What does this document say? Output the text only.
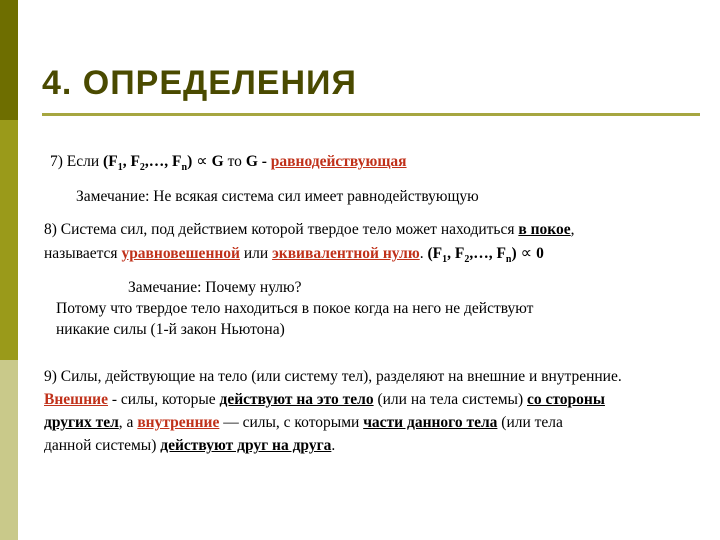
4. ОПРЕДЕЛЕНИЯ
7) Если ($F_1$, $F_2,\dots$, $F_n) \propto G$ то G - равнодействующая
Замечание: Не всякая система сил имеет равнодействующую
8) Система сил, под действием которой твердое тело может находиться в покое,
называется уравновешенной или эквивалентной нулю. ($F_1$, $F_2,\dots$, $F_n) \propto 0$
Замечание: Почему нулю?
Потому что твердое тело находиться в покое когда на него не действуют
никакие силы (1-й закон Ньютона)
9) Силы, действующие на тело (или систему тел), разделяют на внешние и внутренние.
Внешние - силы, которые действуют на это тело (или на тела системы) со стороны
других тел, а внутренние — силы, с которыми части данного тела (или тела
данной системы) действуют друг на друга.
